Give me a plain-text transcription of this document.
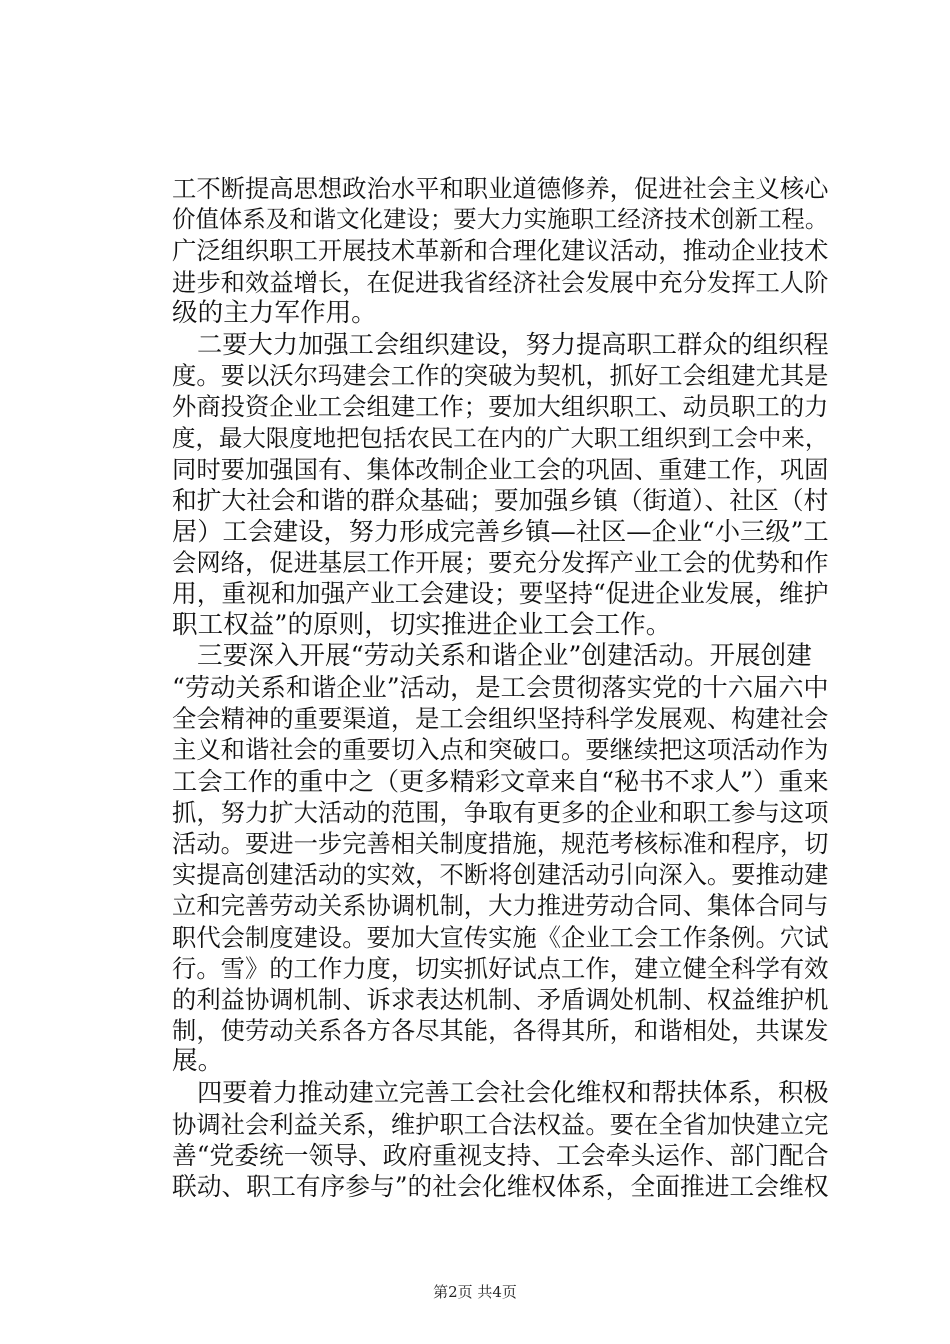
工不断提高思想政治水平和职业道德修养，促进社会主义核心
价值体系及和谐文化建设；要大力实施职工经济技术创新工程。
广泛组织职工开展技术革新和合理化建议活动，推动企业技术
进步和效益增长，在促进我省经济社会发展中充分发挥工人阶
级的主力军作用。
二要大力加强工会组织建设，努力提高职工群众的组织程
度。要以沃尔玛建会工作的突破为契机，抓好工会组建尤其是
外商投资企业工会组建工作；要加大组织职工、动员职工的力
度，最大限度地把包括农民工在内的广大职工组织到工会中来，
同时要加强国有、集体改制企业工会的巩固、重建工作，巩固
和扩大社会和谐的群众基础；要加强乡镇（街道）、社区（村
居）工会建设，努力形成完善乡镇—社区—企业“小三级”工
会网络，促进基层工作开展；要充分发挥产业工会的优势和作
用，重视和加强产业工会建设；要坚持“促进企业发展，维护
职工权益”的原则，切实推进企业工会工作。
三要深入开展“劳动关系和谐企业”创建活动。开展创建
“劳动关系和谐企业”活动，是工会贯彻落实党的十六届六中
全会精神的重要渠道，是工会组织坚持科学发展观、构建社会
主义和谐社会的重要切入点和突破口。要继续把这项活动作为
工会工作的重中之（更多精彩文章来自“秘书不求人”）重来
抓，努力扩大活动的范围，争取有更多的企业和职工参与这项
活动。要进一步完善相关制度措施，规范考核标准和程序，切
实提高创建活动的实效，不断将创建活动引向深入。要推动建
立和完善劳动关系协调机制，大力推进劳动合同、集体合同与
职代会制度建设。要加大宣传实施《企业工会工作条例。穴试
行。雪》的工作力度，切实抓好试点工作，建立健全科学有效
的利益协调机制、诉求表达机制、矛盾调处机制、权益维护机
制，使劳动关系各方各尽其能，各得其所，和谐相处，共谋发
展。
四要着力推动建立完善工会社会化维权和帮扶体系，积极
协调社会利益关系，维护职工合法权益。要在全省加快建立完
善“党委统一领导、政府重视支持、工会牵头运作、部门配合
联动、职工有序参与”的社会化维权体系，全面推进工会维权
第2页 共4页
